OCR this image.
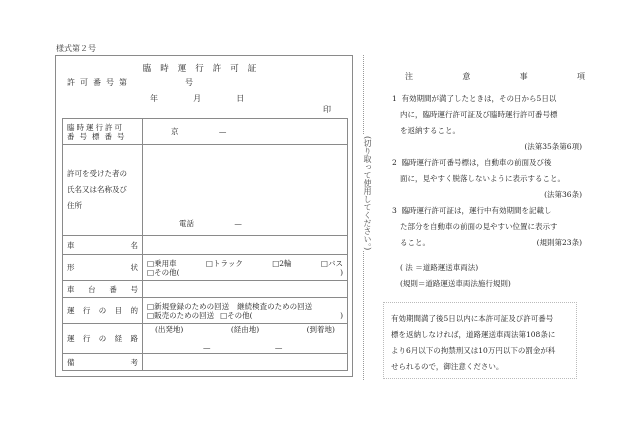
様式第２号
臨時運行許可証
許可番号第	号
年	月	日
印
臨時運行許可
番号標番号	京 —

許可を受けた者の
氏名又は名称及び
住所	電話 —

車 名	

形	状	□乗用車	□トラック	□2輪	□バス
□その他(	)

車 台 番 号	

運 行 の 目 的	□新規登録のための回送 継続検査のための回送
□販売のための回送 □その他(	)

運 行 の 経 路

(出発地)	(経由地)	(到着地)
—	—

備 考	

(切り取って使用してください。)
注	意	事	項
1 有効期間が満了したときは，その日から5日以
内に，臨時運行許可証及び臨時運行許可番号標
を返納すること。
(法第35条第6項)
2 臨時運行許可番号標は，自動車の前面及び後
面に，見やすく脱落しないように表示すること。
(法第36条)
3 臨時運行許可証は，運行中有効期間を記載し
た部分を自動車の前面の見やすい位置に表示す
ること。	(規則第23条)
( 法 ＝道路運送車両法)
(規則＝道路運送車両法施行規則)
有効期間満了後5日以内に本許可証及び許可番号
標を返納しなければ，道路運送車両法第108条に
より6月以下の拘禁刑又は10万円以下の罰金が科
せられるので，御注意ください。
